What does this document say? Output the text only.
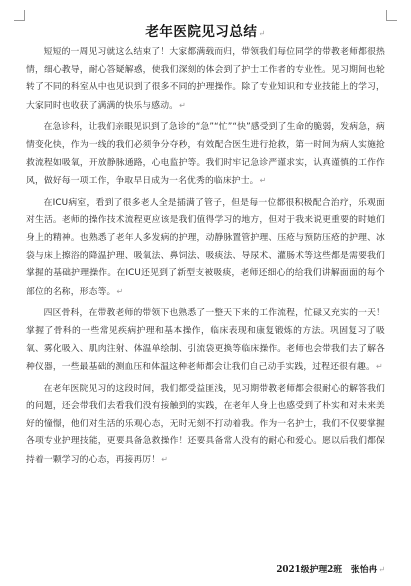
老年医院见习总结↵

短短的一周见习就这么结束了！大家都满载而归，带领我们每位同学的带教老师都很热情，细心教导，耐心答疑解惑，使我们深刻的体会到了护士工作者的专业性。见习期间也轮转了不同的科室从中也见识到了很多不同的护理操作。除了专业知识和专业技能上的学习，大家同时也收获了满满的快乐与感动。↵

在急诊科，让我们亲眼见识到了急诊的“急”“忙”“快”感受到了生命的脆弱，发病急，病情变化快，作为一线的我们必须争分夺秒，有效配合医生进行抢救，第一时间为病人实施抢救流程如吸氧，开放静脉通路，心电监护等。我们时牢记急诊严谨求实，认真谨慎的工作作风，做好每一项工作，争取早日成为一名优秀的临床护士。↵

在ICU病室，看到了很多老人全是插满了管子，但是每一位都很积极配合治疗，乐观面对生活。老师的操作技术流程更应该是我们值得学习的地方，但对于我来说更重要的时她们身上的精神。也熟悉了老年人多发病的护理，动静脉置管护理、压疮与预防压疮的护理、冰袋与床上擦浴的降温护理、吸氧法、鼻饲法、吸痰法、导尿术、灌肠术等这些都是需要我们掌握的基础护理操作。在ICU还见到了新型支被吸痰，老师还细心的给我们讲解面面的每个部位的名称，形态等。↵

四区骨科，在带教老师的带领下也熟悉了一整天下来的工作流程，忙碌又充实的一天！掌握了骨科的一些常见疾病护理和基本操作，临床表现和康复锻炼的方法。巩固复习了吸氧、雾化吸入、肌肉注射、体温单绘制、引流袋更换等临床操作。老师也会带我们去了解各种仪器，一些最基础的测血压和体温这种老师都会让我们自己动手实践，过程还很有趣。↵

在老年医院见习的这段时间，我们都受益匪浅，见习期带教老师都会很耐心的解答我们的问题，还会带我们去看我们没有接触到的实践，在老年人身上也感受到了朴实和对未来美好的憧憬，他们对生活的乐观心态，无时无刻不打动着我。作为一名护士，我们不仅要掌握各项专业护理技能，更要具备急救操作！还要具备常人没有的耐心和爱心。愿以后我们都保持着一颗学习的心态，再接再厉！↵

2021级护理2班　张怡冉↵
